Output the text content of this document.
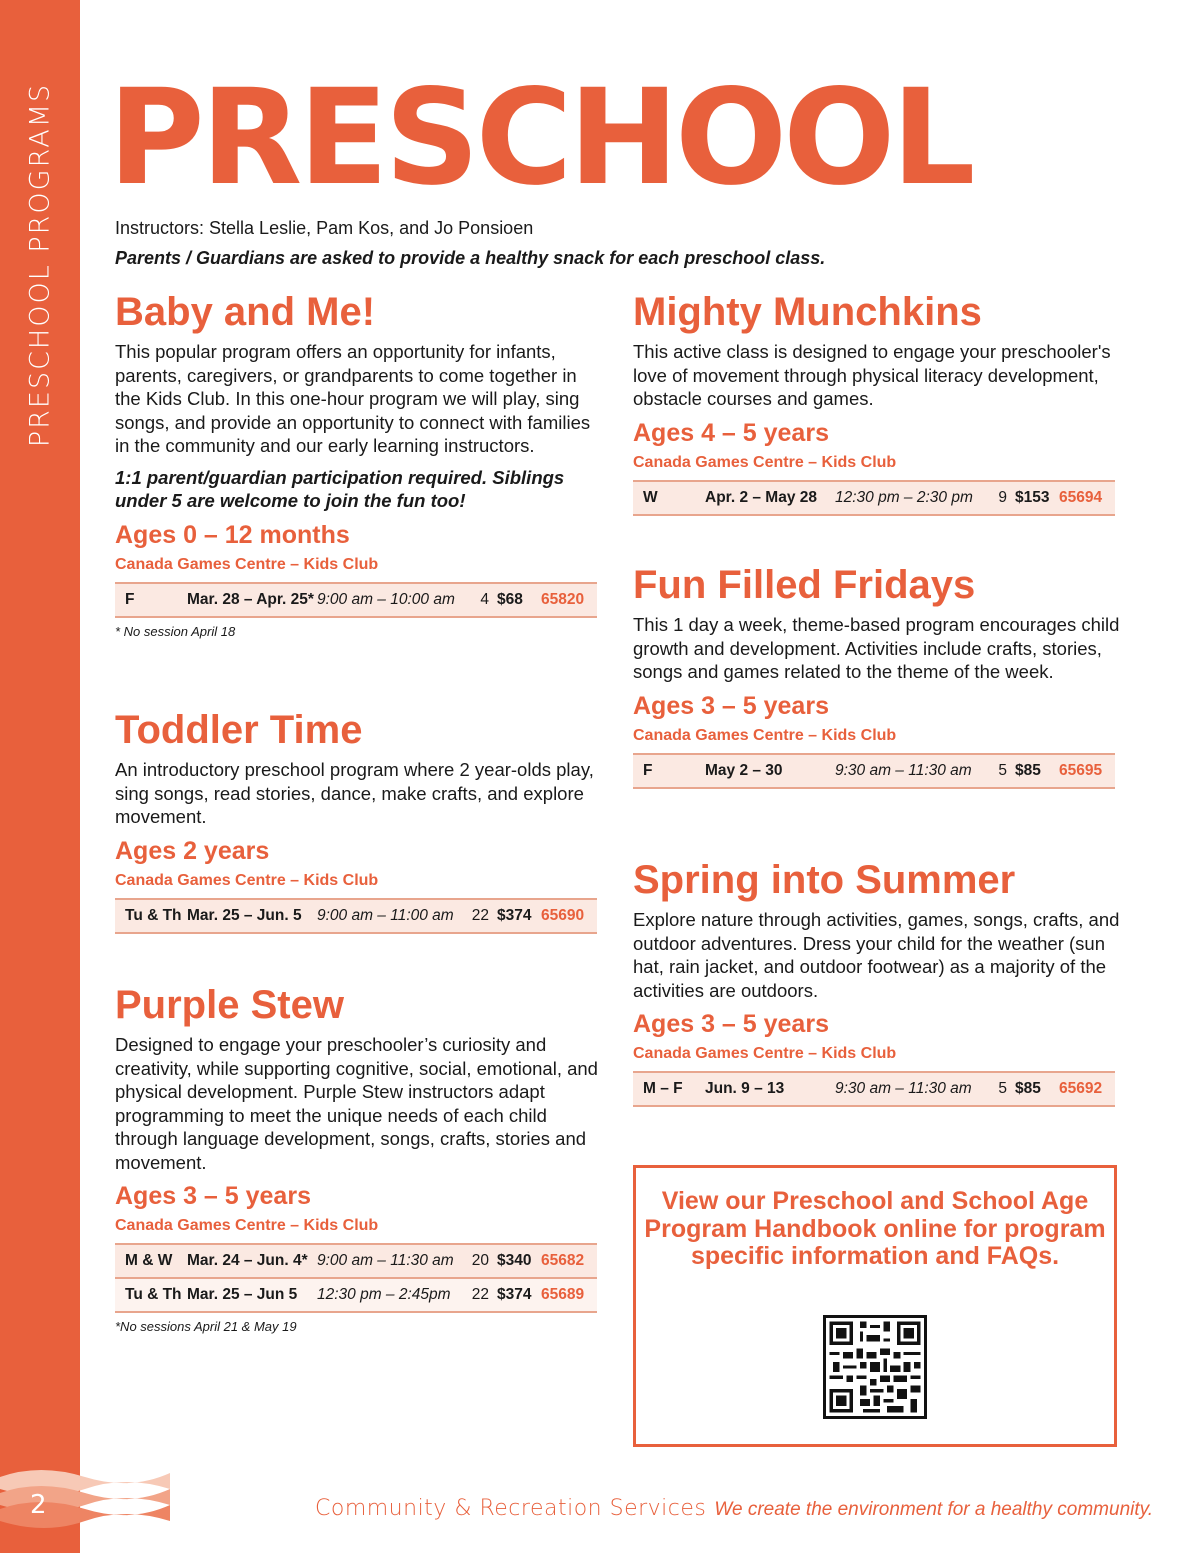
PRESCHOOL PROGRAMS
2
PRESCHOOL
Instructors: Stella Leslie, Pam Kos, and Jo Ponsioen
Parents / Guardians are asked to provide a healthy snack for each preschool class.
Baby and Me!

This popular program offers an opportunity for infants, parents, caregivers, or grandparents to come together in the Kids Club. In this one-hour program we will play, sing songs, and provide an opportunity to connect with families in the community and our early learning instructors.

1:1 parent/guardian participation required. Siblings under 5 are welcome to join the fun too!

Ages 0 – 12 months
Canada Games Centre – Kids Club
F	Mar. 28 – Apr. 25* 9:00 am – 10:00 am	4 $68	65820
* No session April 18
Toddler Time

An introductory preschool program where 2 year-olds play, sing songs, read stories, dance, make crafts, and explore movement.

Ages 2 years
Canada Games Centre – Kids Club
Tu & Th Mar. 25 – Jun. 5 9:00 am – 11:00 am	22 $374 65690
Purple Stew

Designed to engage your preschooler’s curiosity and creativity, while supporting cognitive, social, emotional, and physical development. Purple Stew instructors adapt programming to meet the unique needs of each child through language development, songs, crafts, stories and movement.

Ages 3 – 5 years
Canada Games Centre – Kids Club
M & W Mar. 24 – Jun. 4* 9:00 am – 11:30 am	20 $340 65682
Tu & Th Mar. 25 – Jun 5	12:30 pm – 2:45pm	22 $374 65689
*No sessions April 21 & May 19
Mighty Munchkins

This active class is designed to engage your preschooler's love of movement through physical literacy development, obstacle courses and games.

Ages 4 – 5 years
Canada Games Centre – Kids Club
W	Apr. 2 – May 28	12:30 pm – 2:30 pm	9 $153 65694
Fun Filled Fridays

This 1 day a week, theme-based program encourages child growth and development. Activities include crafts, stories, songs and games related to the theme of the week.

Ages 3 – 5 years
Canada Games Centre – Kids Club
F	May 2 – 30	9:30 am – 11:30 am	5 $85	65695
Spring into Summer

Explore nature through activities, games, songs, crafts, and outdoor adventures. Dress your child for the weather (sun hat, rain jacket, and outdoor footwear) as a majority of the activities are outdoors.

Ages 3 – 5 years
Canada Games Centre – Kids Club
M – F	Jun. 9 – 13	9:30 am – 11:30 am	5 $85	65692
View our Preschool and School Age Program Handbook online for program specific information and FAQs.
Community & Recreation Services We create the environment for a healthy community.
